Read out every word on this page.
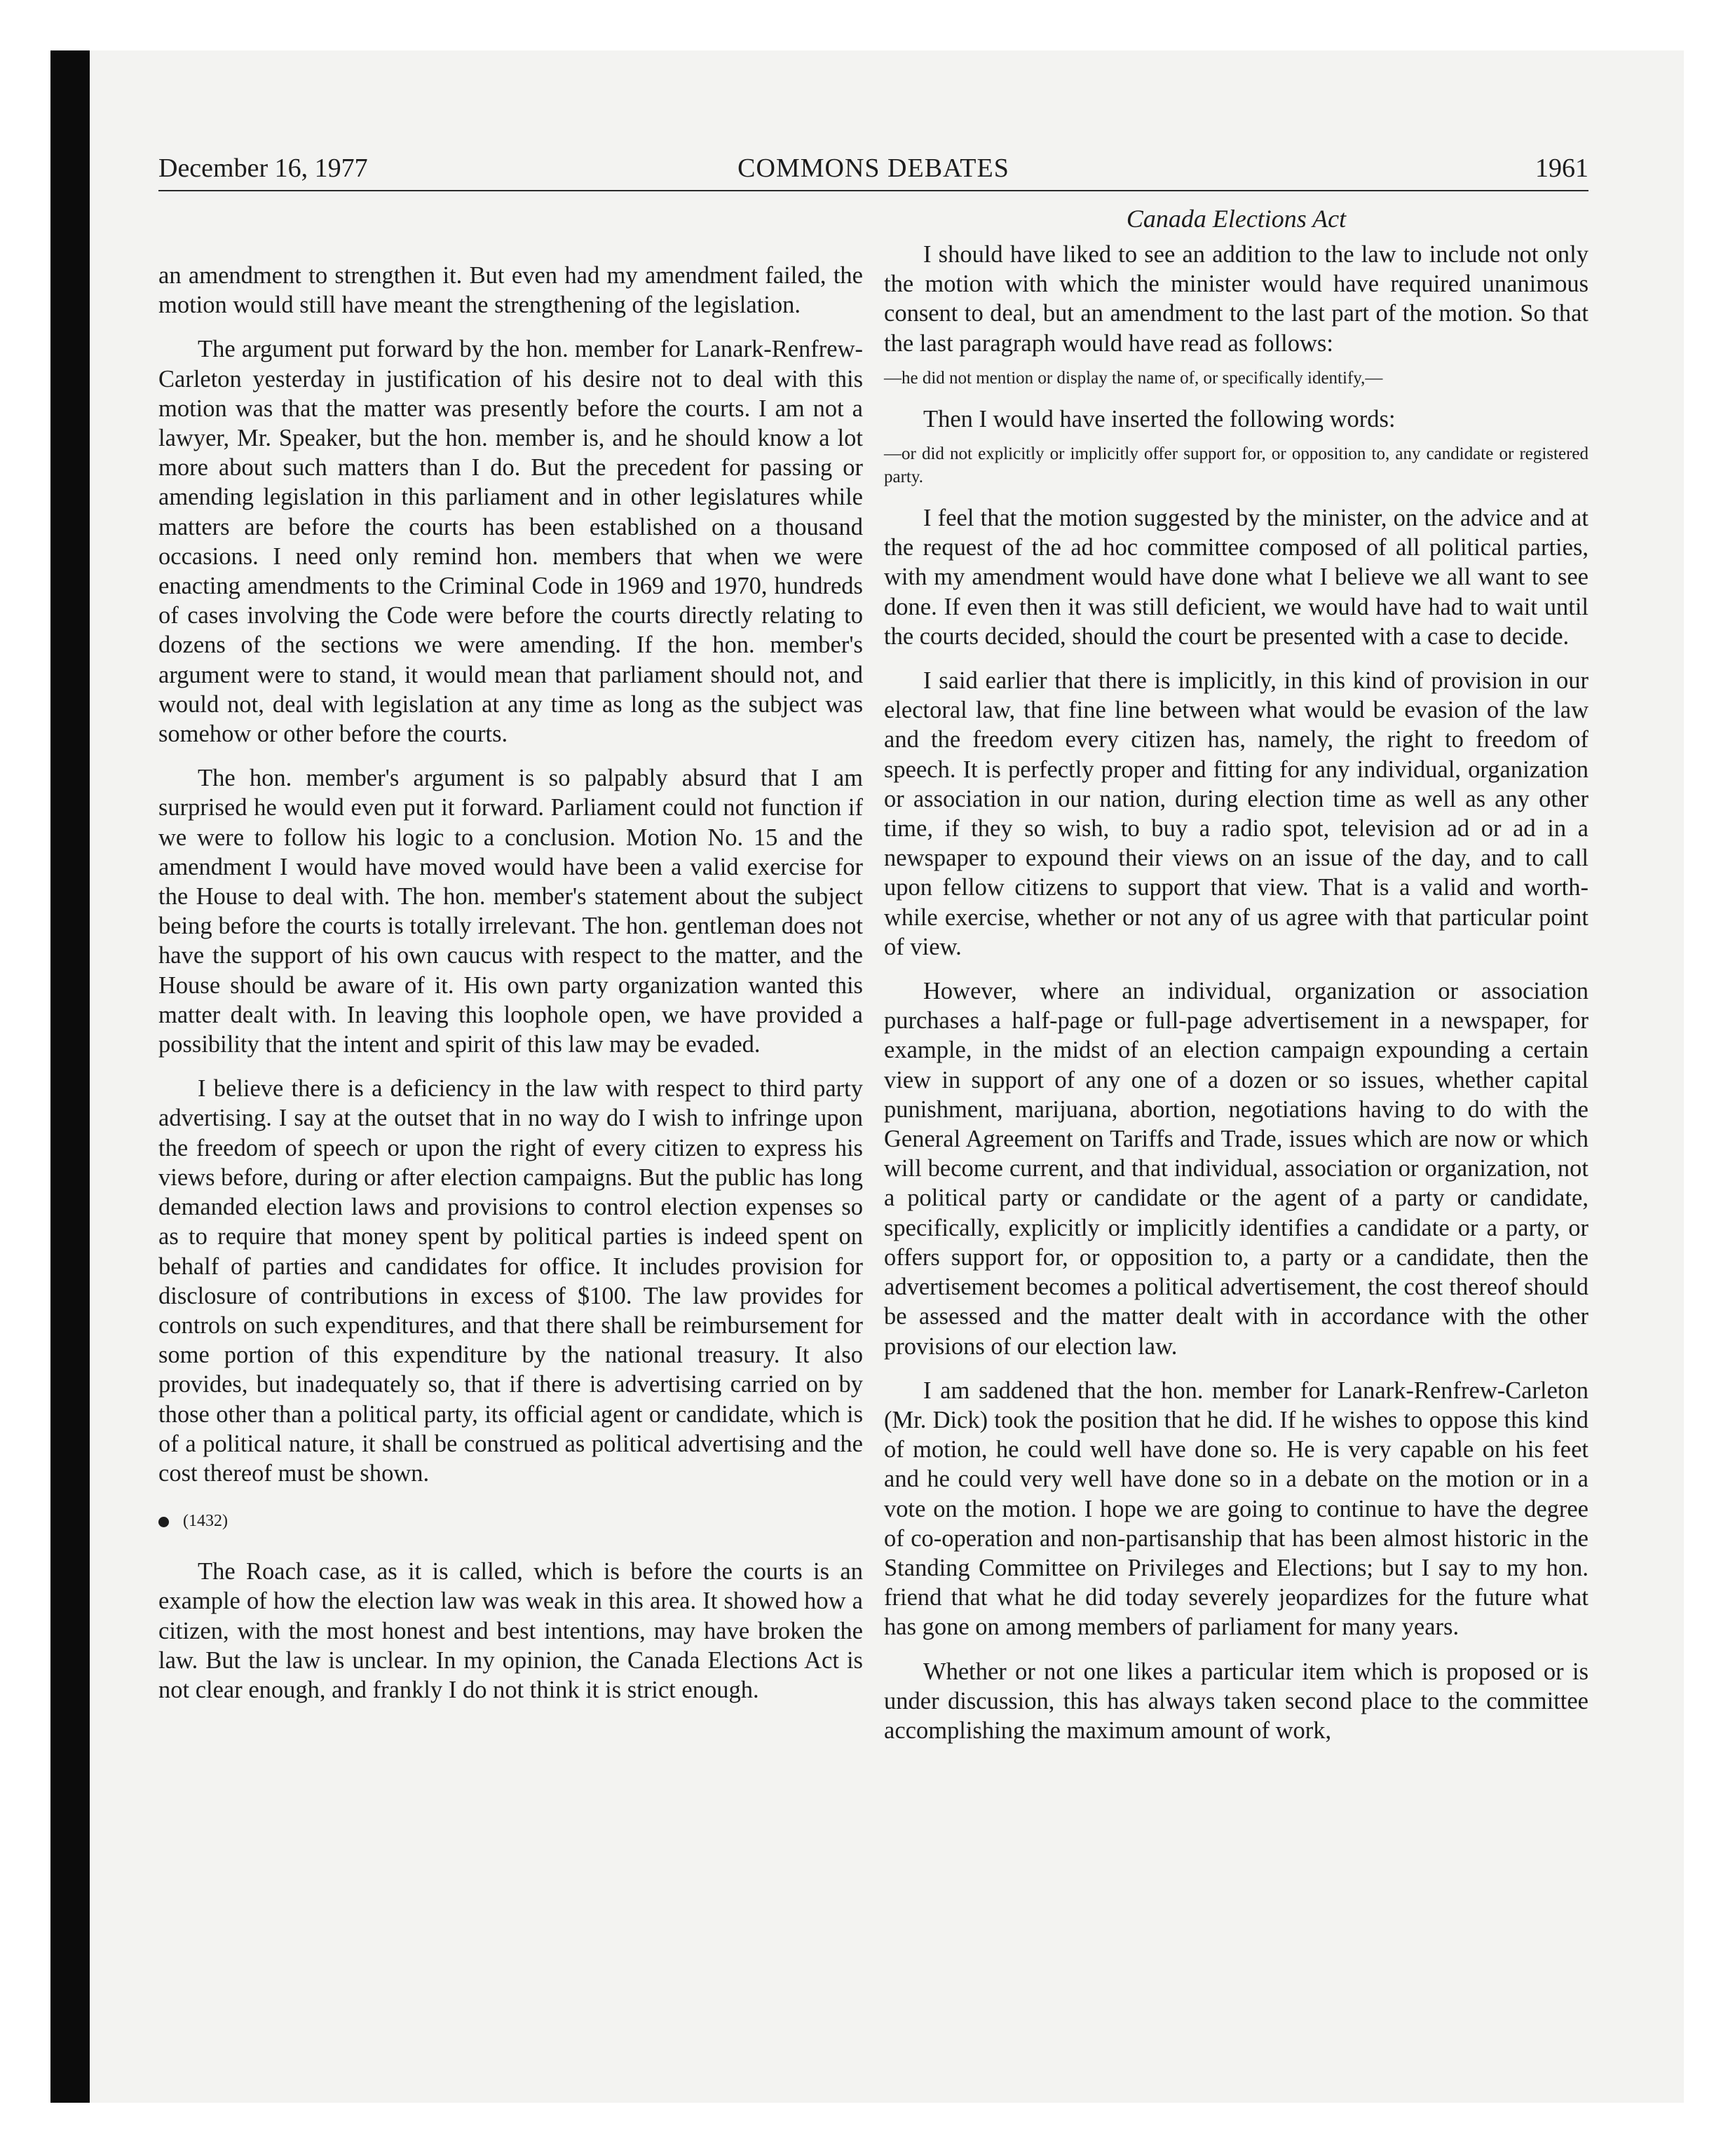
December 16, 1977	COMMONS DEBATES	1961

an amendment to strengthen it. But even had my amendment failed, the motion would still have meant the strengthening of the legislation.

The argument put forward by the hon. member for Lanark-Renfrew-Carleton yesterday in justification of his desire not to deal with this motion was that the matter was presently before the courts. I am not a lawyer, Mr. Speaker, but the hon. member is, and he should know a lot more about such matters than I do. But the precedent for passing or amending legislation in this parliament and in other legislatures while matters are before the courts has been established on a thousand occasions. I need only remind hon. members that when we were enacting amendments to the Criminal Code in 1969 and 1970, hundreds of cases involving the Code were before the courts directly relating to dozens of the sections we were amending. If the hon. member's argument were to stand, it would mean that parliament should not, and would not, deal with legislation at any time as long as the subject was somehow or other before the courts.

The hon. member's argument is so palpably absurd that I am surprised he would even put it forward. Parliament could not function if we were to follow his logic to a conclusion. Motion No. 15 and the amendment I would have moved would have been a valid exercise for the House to deal with. The hon. member's statement about the subject being before the courts is totally irrelevant. The hon. gentleman does not have the support of his own caucus with respect to the matter, and the House should be aware of it. His own party organization wanted this matter dealt with. In leaving this loophole open, we have provided a possibility that the intent and spirit of this law may be evaded.

I believe there is a deficiency in the law with respect to third party advertising. I say at the outset that in no way do I wish to infringe upon the freedom of speech or upon the right of every citizen to express his views before, during or after election campaigns. But the public has long demanded election laws and provisions to control election expenses so as to require that money spent by political parties is indeed spent on behalf of parties and candidates for office. It includes provision for disclosure of contributions in excess of $100. The law provides for controls on such expenditures, and that there shall be reimbursement for some portion of this expenditure by the national treasury. It also provides, but inadequately so, that if there is advertising carried on by those other than a political party, its official agent or candidate, which is of a political nature, it shall be construed as political advertising and the cost thereof must be shown.

(1432)

The Roach case, as it is called, which is before the courts is an example of how the election law was weak in this area. It showed how a citizen, with the most honest and best intentions, may have broken the law. But the law is unclear. In my opinion, the Canada Elections Act is not clear enough, and frankly I do not think it is strict enough.

Canada Elections Act

I should have liked to see an addition to the law to include not only the motion with which the minister would have required unanimous consent to deal, but an amendment to the last part of the motion. So that the last paragraph would have read as follows:

—he did not mention or display the name of, or specifically identify,—

Then I would have inserted the following words:

—or did not explicitly or implicitly offer support for, or opposition to, any candidate or registered party.

I feel that the motion suggested by the minister, on the advice and at the request of the ad hoc committee composed of all political parties, with my amendment would have done what I believe we all want to see done. If even then it was still deficient, we would have had to wait until the courts decided, should the court be presented with a case to decide.

I said earlier that there is implicitly, in this kind of provision in our electoral law, that fine line between what would be evasion of the law and the freedom every citizen has, namely, the right to freedom of speech. It is perfectly proper and fitting for any individual, organization or association in our nation, during election time as well as any other time, if they so wish, to buy a radio spot, television ad or ad in a newspaper to expound their views on an issue of the day, and to call upon fellow citizens to support that view. That is a valid and worth-while exercise, whether or not any of us agree with that particular point of view.

However, where an individual, organization or association purchases a half-page or full-page advertisement in a newspaper, for example, in the midst of an election campaign expounding a certain view in support of any one of a dozen or so issues, whether capital punishment, marijuana, abortion, negotiations having to do with the General Agreement on Tariffs and Trade, issues which are now or which will become current, and that individual, association or organization, not a political party or candidate or the agent of a party or candidate, specifically, explicitly or implicitly identifies a candidate or a party, or offers support for, or opposition to, a party or a candidate, then the advertisement becomes a political advertisement, the cost thereof should be assessed and the matter dealt with in accordance with the other provisions of our election law.

I am saddened that the hon. member for Lanark-Renfrew-Carleton (Mr. Dick) took the position that he did. If he wishes to oppose this kind of motion, he could well have done so. He is very capable on his feet and he could very well have done so in a debate on the motion or in a vote on the motion. I hope we are going to continue to have the degree of co-operation and non-partisanship that has been almost historic in the Standing Committee on Privileges and Elections; but I say to my hon. friend that what he did today severely jeopardizes for the future what has gone on among members of parliament for many years.

Whether or not one likes a particular item which is proposed or is under discussion, this has always taken second place to the committee accomplishing the maximum amount of work,
